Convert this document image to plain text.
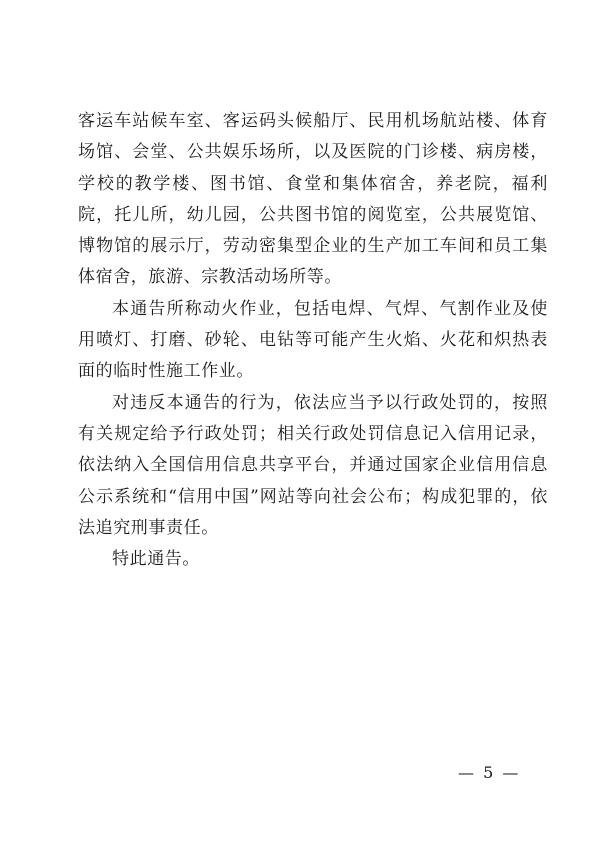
客运车站候车室、客运码头候船厅、民用机场航站楼、体育场馆、会堂、公共娱乐场所，以及医院的门诊楼、病房楼，学校的教学楼、图书馆、食堂和集体宿舍，养老院，福利院，托儿所，幼儿园，公共图书馆的阅览室，公共展览馆、博物馆的展示厅，劳动密集型企业的生产加工车间和员工集体宿舍，旅游、宗教活动场所等。

本通告所称动火作业，包括电焊、气焊、气割作业及使用喷灯、打磨、砂轮、电钻等可能产生火焰、火花和炽热表面的临时性施工作业。

对违反本通告的行为，依法应当予以行政处罚的，按照有关规定给予行政处罚；相关行政处罚信息记入信用记录，依法纳入全国信用信息共享平台，并通过国家企业信用信息公示系统和“信用中国”网站等向社会公布；构成犯罪的，依法追究刑事责任。

特此通告。

— 5 —
